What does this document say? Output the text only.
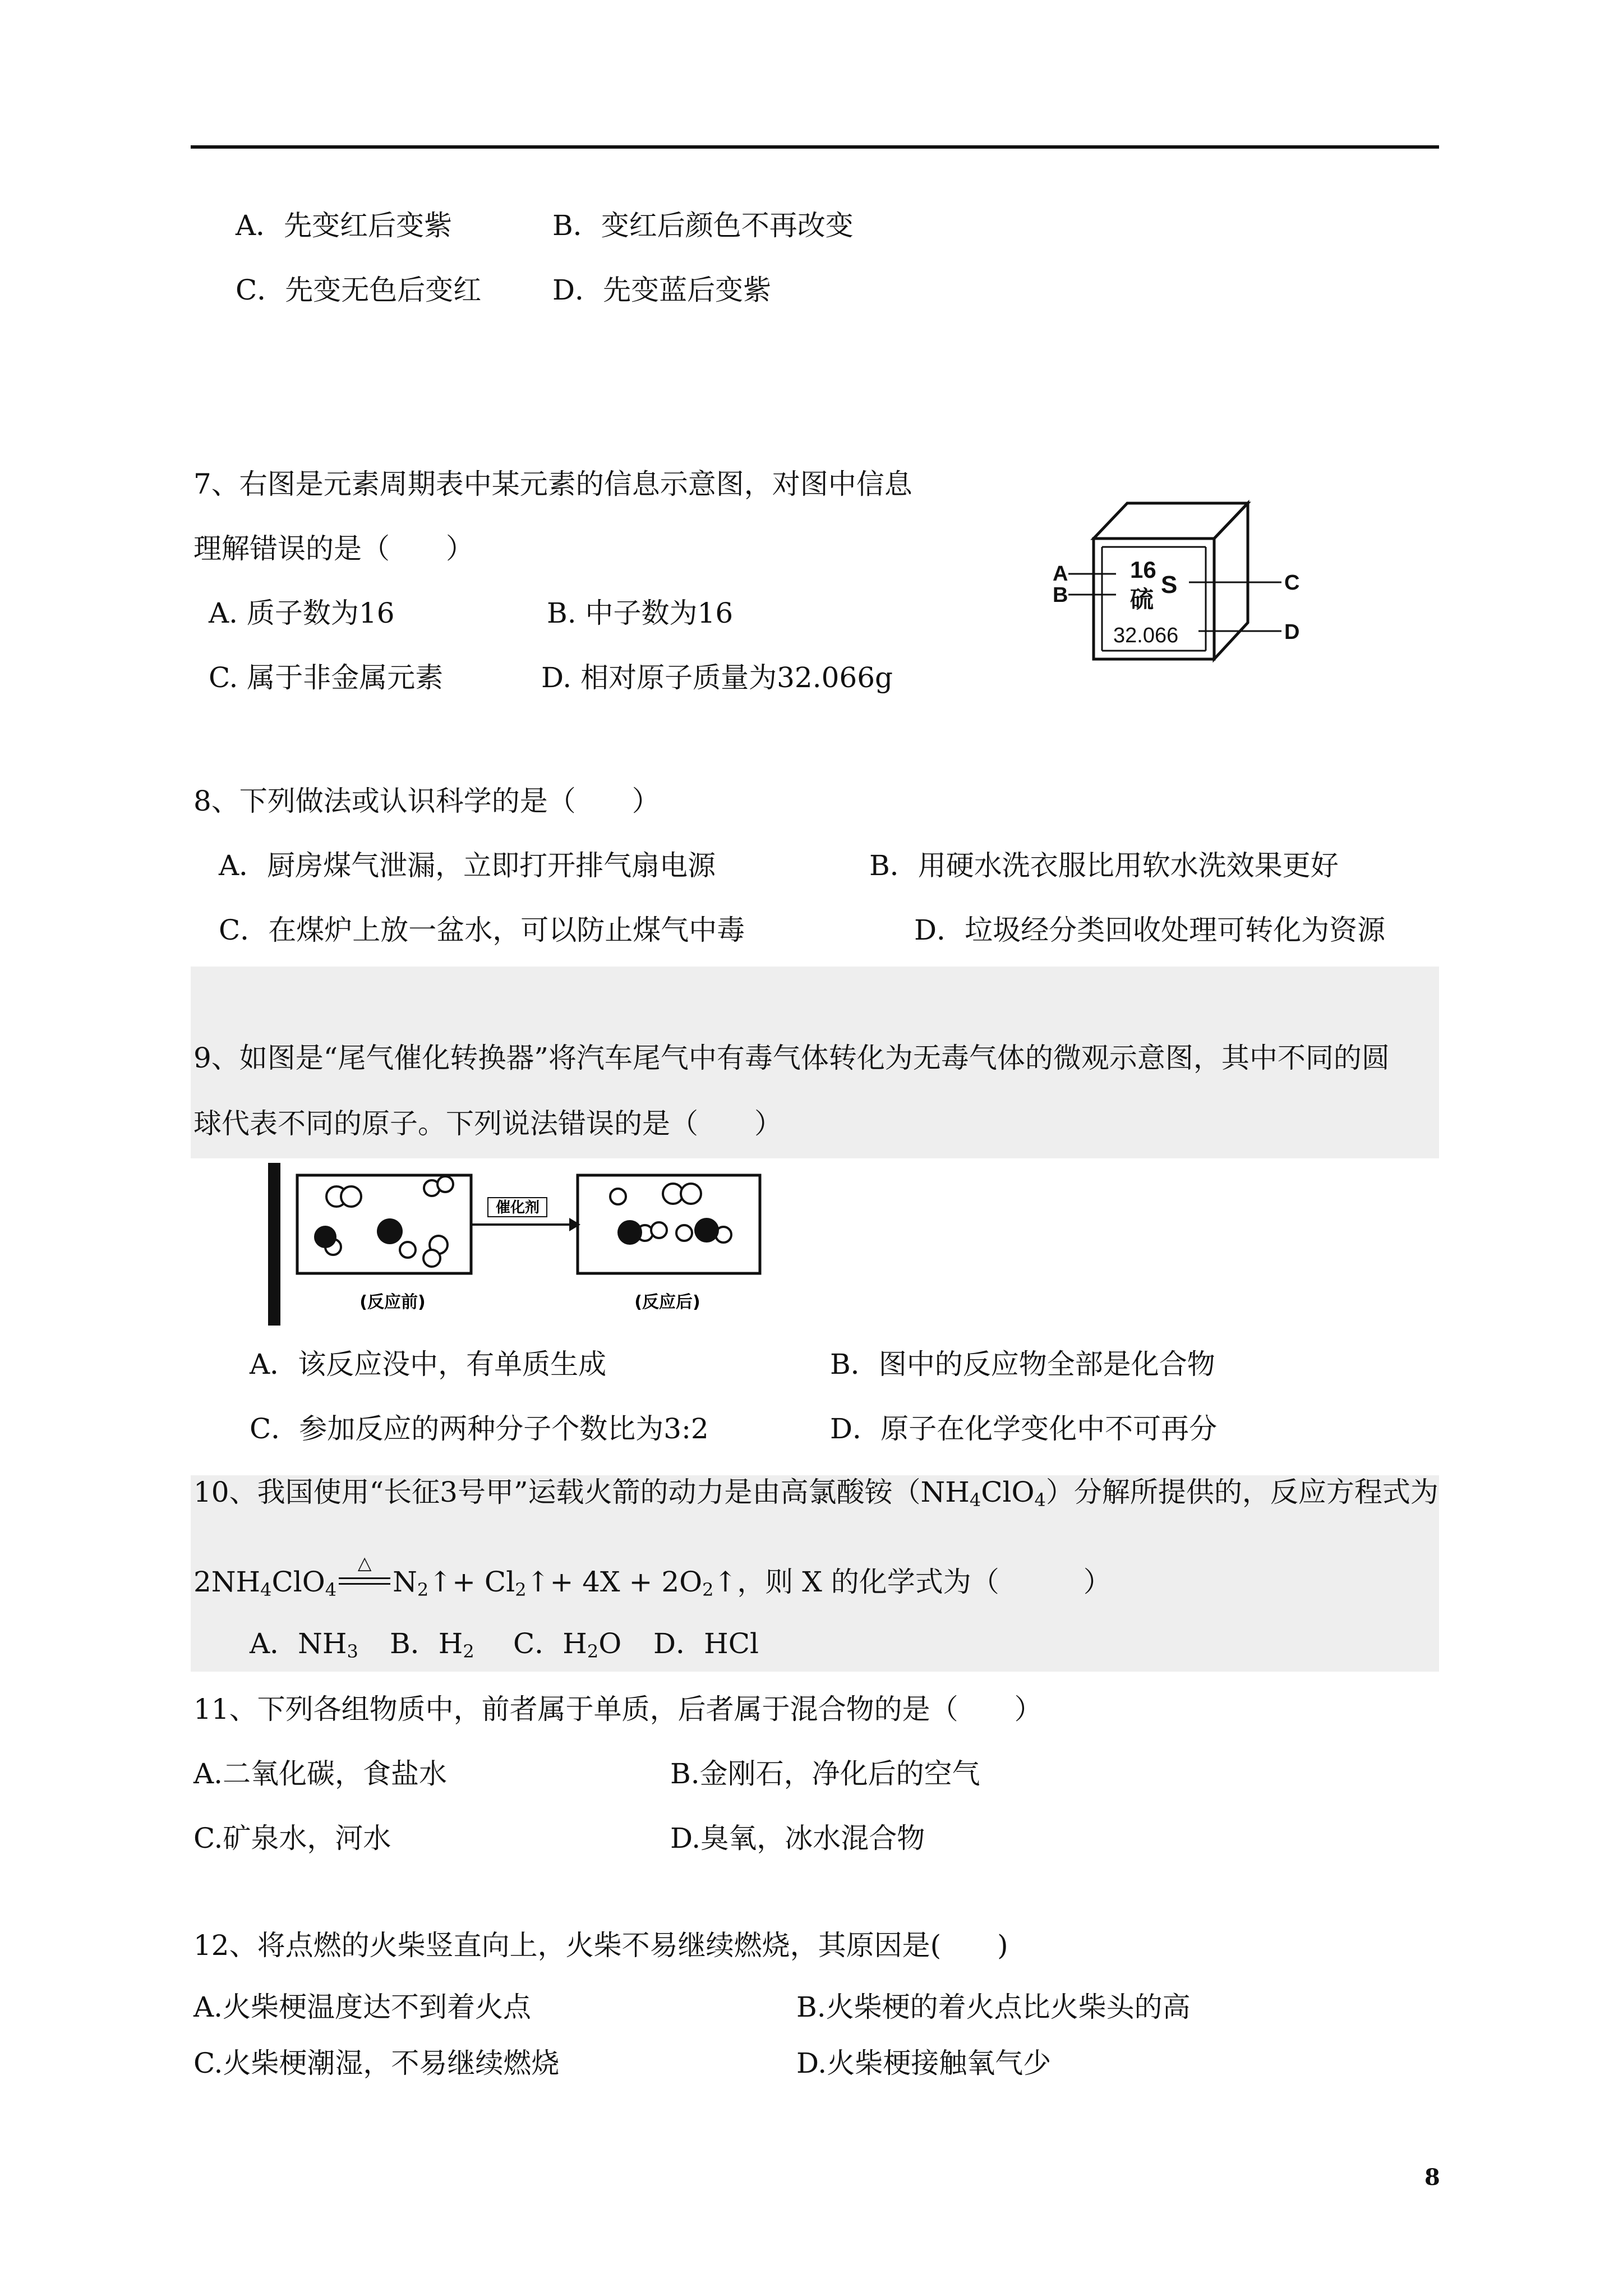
A．先变红后变紫	B．变红后颜色不再改变
C．先变无色后变红	D．先变蓝后变紫
7、右图是元素周期表中某元素的信息示意图，对图中信息
理解错误的是（　　）
A. 质子数为16	B. 中子数为16
C. 属于非金属元素	D. 相对原子质量为32.066g
A
B
16
硫
S
32.066
C
D
8、下列做法或认识科学的是（　　）
A．厨房煤气泄漏，立即打开排气扇电源	B．用硬水洗衣服比用软水洗效果更好
C．在煤炉上放一盆水，可以防止煤气中毒	D．垃圾经分类回收处理可转化为资源
9、如图是“尾气催化转换器”将汽车尾气中有毒气体转化为无毒气体的微观示意图，其中不同的圆
球代表不同的原子。下列说法错误的是（　　）
催化剂
(反应前)	(反应后)
A．该反应没中，有单质生成	B．图中的反应物全部是化合物
C．参加反应的两种分子个数比为3:2	D．原子在化学变化中不可再分
10、我国使用“长征3号甲”运载火箭的动力是由高氯酸铵$(NH_4ClO_4)$分解所提供的，反应方程式为
$2NH_4ClO_4$
△
$N_2↑+$ $Cl_2↑+ 4X$ + $2O_2↑$，则 X 的化学式为（　　　）
A．$NH_3$ B．$H_2$ C．$H_2O$ D．HCl
11、下列各组物质中，前者属于单质，后者属于混合物的是（　　）
A.二氧化碳，食盐水	B.金刚石，净化后的空气
C.矿泉水，河水	D.臭氧，冰水混合物
12、将点燃的火柴竖直向上，火柴不易继续燃烧，其原因是(　　)
A.火柴梗温度达不到着火点	B.火柴梗的着火点比火柴头的高
C.火柴梗潮湿，不易继续燃烧	D.火柴梗接触氧气少
8
